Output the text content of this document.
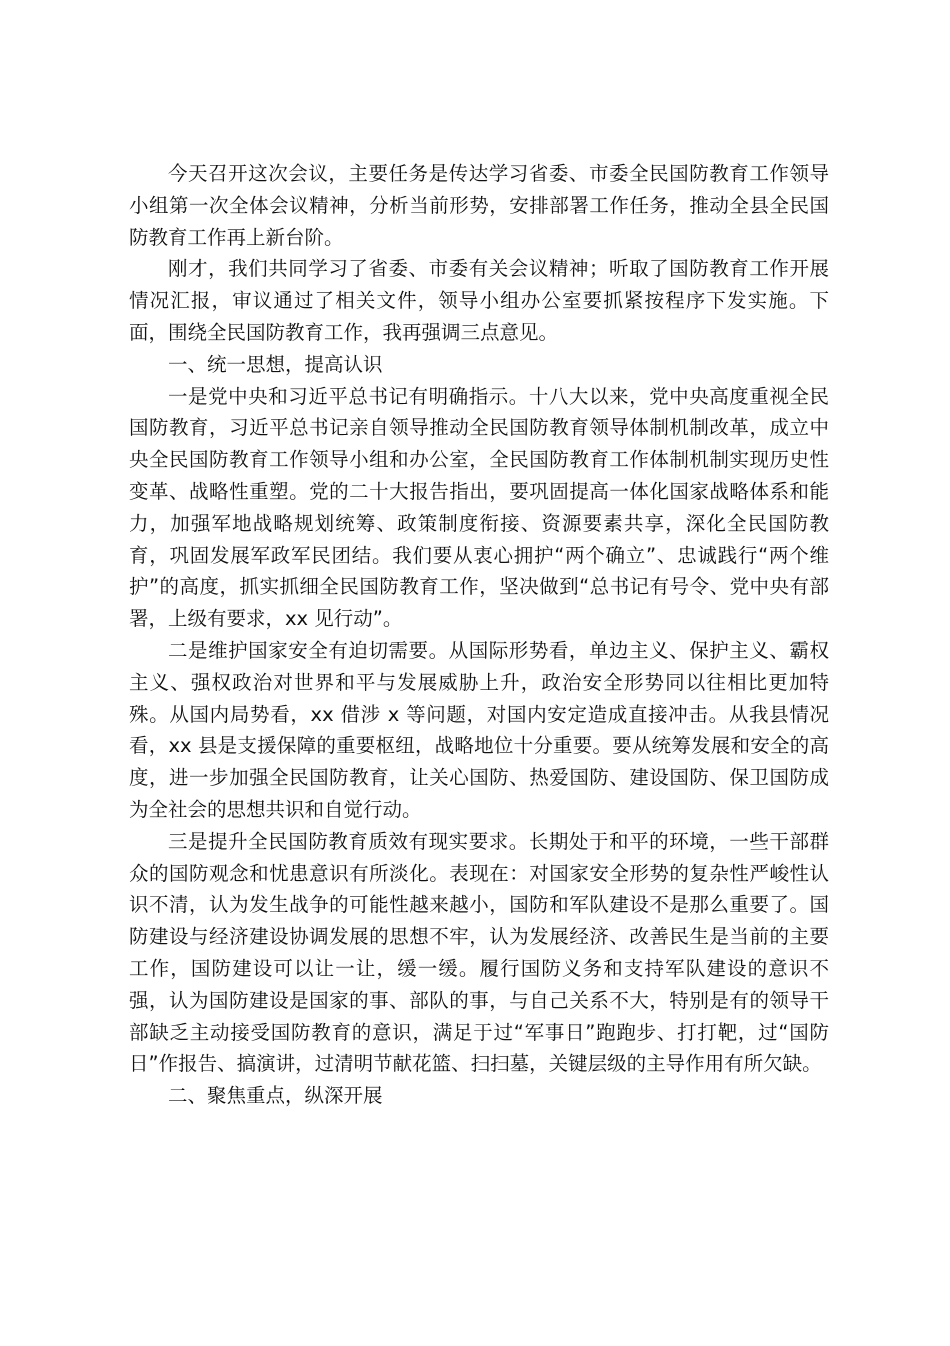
今天召开这次会议，主要任务是传达学习省委、市委全民国防教育工作领导小组第一次全体会议精神，分析当前形势，安排部署工作任务，推动全县全民国防教育工作再上新台阶。

刚才，我们共同学习了省委、市委有关会议精神；听取了国防教育工作开展情况汇报，审议通过了相关文件，领导小组办公室要抓紧按程序下发实施。下面，围绕全民国防教育工作，我再强调三点意见。

一、统一思想，提高认识

一是党中央和习近平总书记有明确指示。十八大以来，党中央高度重视全民国防教育，习近平总书记亲自领导推动全民国防教育领导体制机制改革，成立中央全民国防教育工作领导小组和办公室，全民国防教育工作体制机制实现历史性变革、战略性重塑。党的二十大报告指出，要巩固提高一体化国家战略体系和能力，加强军地战略规划统筹、政策制度衔接、资源要素共享，深化全民国防教育，巩固发展军政军民团结。我们要从衷心拥护“两个确立”、忠诚践行“两个维护”的高度，抓实抓细全民国防教育工作，坚决做到“总书记有号令、党中央有部署，上级有要求，xx 见行动”。

二是维护国家安全有迫切需要。从国际形势看，单边主义、保护主义、霸权主义、强权政治对世界和平与发展威胁上升，政治安全形势同以往相比更加特殊。从国内局势看，xx 借涉 x 等问题，对国内安定造成直接冲击。从我县情况看，xx 县是支援保障的重要枢纽，战略地位十分重要。要从统筹发展和安全的高度，进一步加强全民国防教育，让关心国防、热爱国防、建设国防、保卫国防成为全社会的思想共识和自觉行动。

三是提升全民国防教育质效有现实要求。长期处于和平的环境，一些干部群众的国防观念和忧患意识有所淡化。表现在：对国家安全形势的复杂性严峻性认识不清，认为发生战争的可能性越来越小，国防和军队建设不是那么重要了。国防建设与经济建设协调发展的思想不牢，认为发展经济、改善民生是当前的主要工作，国防建设可以让一让，缓一缓。履行国防义务和支持军队建设的意识不强，认为国防建设是国家的事、部队的事，与自己关系不大，特别是有的领导干部缺乏主动接受国防教育的意识，满足于过“军事日”跑跑步、打打靶，过“国防日”作报告、搞演讲，过清明节献花篮、扫扫墓，关键层级的主导作用有所欠缺。

二、聚焦重点，纵深开展
